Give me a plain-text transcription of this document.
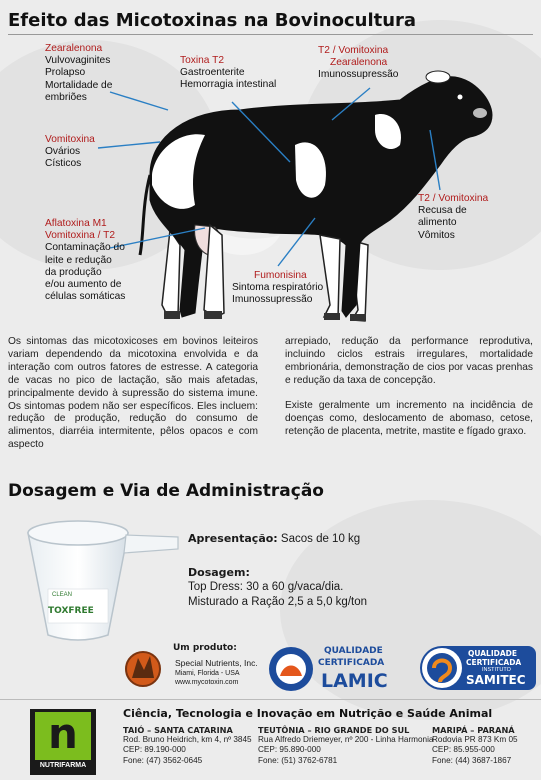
Efeito das Micotoxinas na Bovinocultura
Zearalenona
Vulvovaginites
Prolapso
Mortalidade de
embriões
Toxina T2
Gastroenterite
Hemorragia intestinal
T2 / Vomitoxina
Zearalenona
Imunossupressão
Vomitoxina
Ovários
Císticos
T2 / Vomitoxina
Recusa de
alimento
Vômitos
Aflatoxina M1
Vomitoxina / T2
Contaminação do
leite e redução
da produção
e/ou aumento de
células somáticas
Fumonisina
Sintoma respiratório
Imunossupressão

Os sintomas das micotoxicoses em bovinos leiteiros variam dependendo da micotoxina envolvida e da interação com outros fatores de estresse. A categoria de vacas no pico de lactação, são mais afetadas, principalmente devido à supressão do sistema imune. Os sintomas podem não ser específicos. Eles incluem: redução de produção, redução do consumo de alimentos, diarréia intermitente, pêlos opacos e com aspecto

arrepiado, redução da performance reprodutiva, incluindo ciclos estrais irregulares, mortalidade embrionária, demonstração de cios por vacas prenhas e redução da taxa de concepção.

Existe geralmente um incremento na incidência de doenças como, deslocamento de abomaso, cetose, retenção de placenta, metrite, mastite e fígado graxo.

Dosagem e Via de Administração
CLEAN
TOXFREE
Apresentação: Sacos de 10 kg
Dosagem:
Top Dress: 30 a 60 g/vaca/dia.
Misturado a Ração 2,5 a 5,0 kg/ton
Um produto:
Special Nutrients, Inc.
Miami, Florida - USA
www.mycotoxin.com
QUALIDADE
CERTIFICADA
LAMIC
QUALIDADE
CERTIFICADA
INSTITUTO
SAMITEC
n
NUTRIFARMA
Ciência, Tecnologia e Inovação em Nutrição e Saúde Animal
TAIÓ – SANTA CATARINA
Rod. Bruno Heidrich, km 4, nº 3845
CEP: 89.190-000
Fone: (47) 3562-0645
TEUTÔNIA – RIO GRANDE DO SUL
Rua Alfredo Driemeyer, nº 200 - Linha Harmonia
CEP: 95.890-000
Fone: (51) 3762-6781
MARIPÁ – PARANÁ
Rodovia PR 873 Km 05
CEP: 85.955-000
Fone: (44) 3687-1867
